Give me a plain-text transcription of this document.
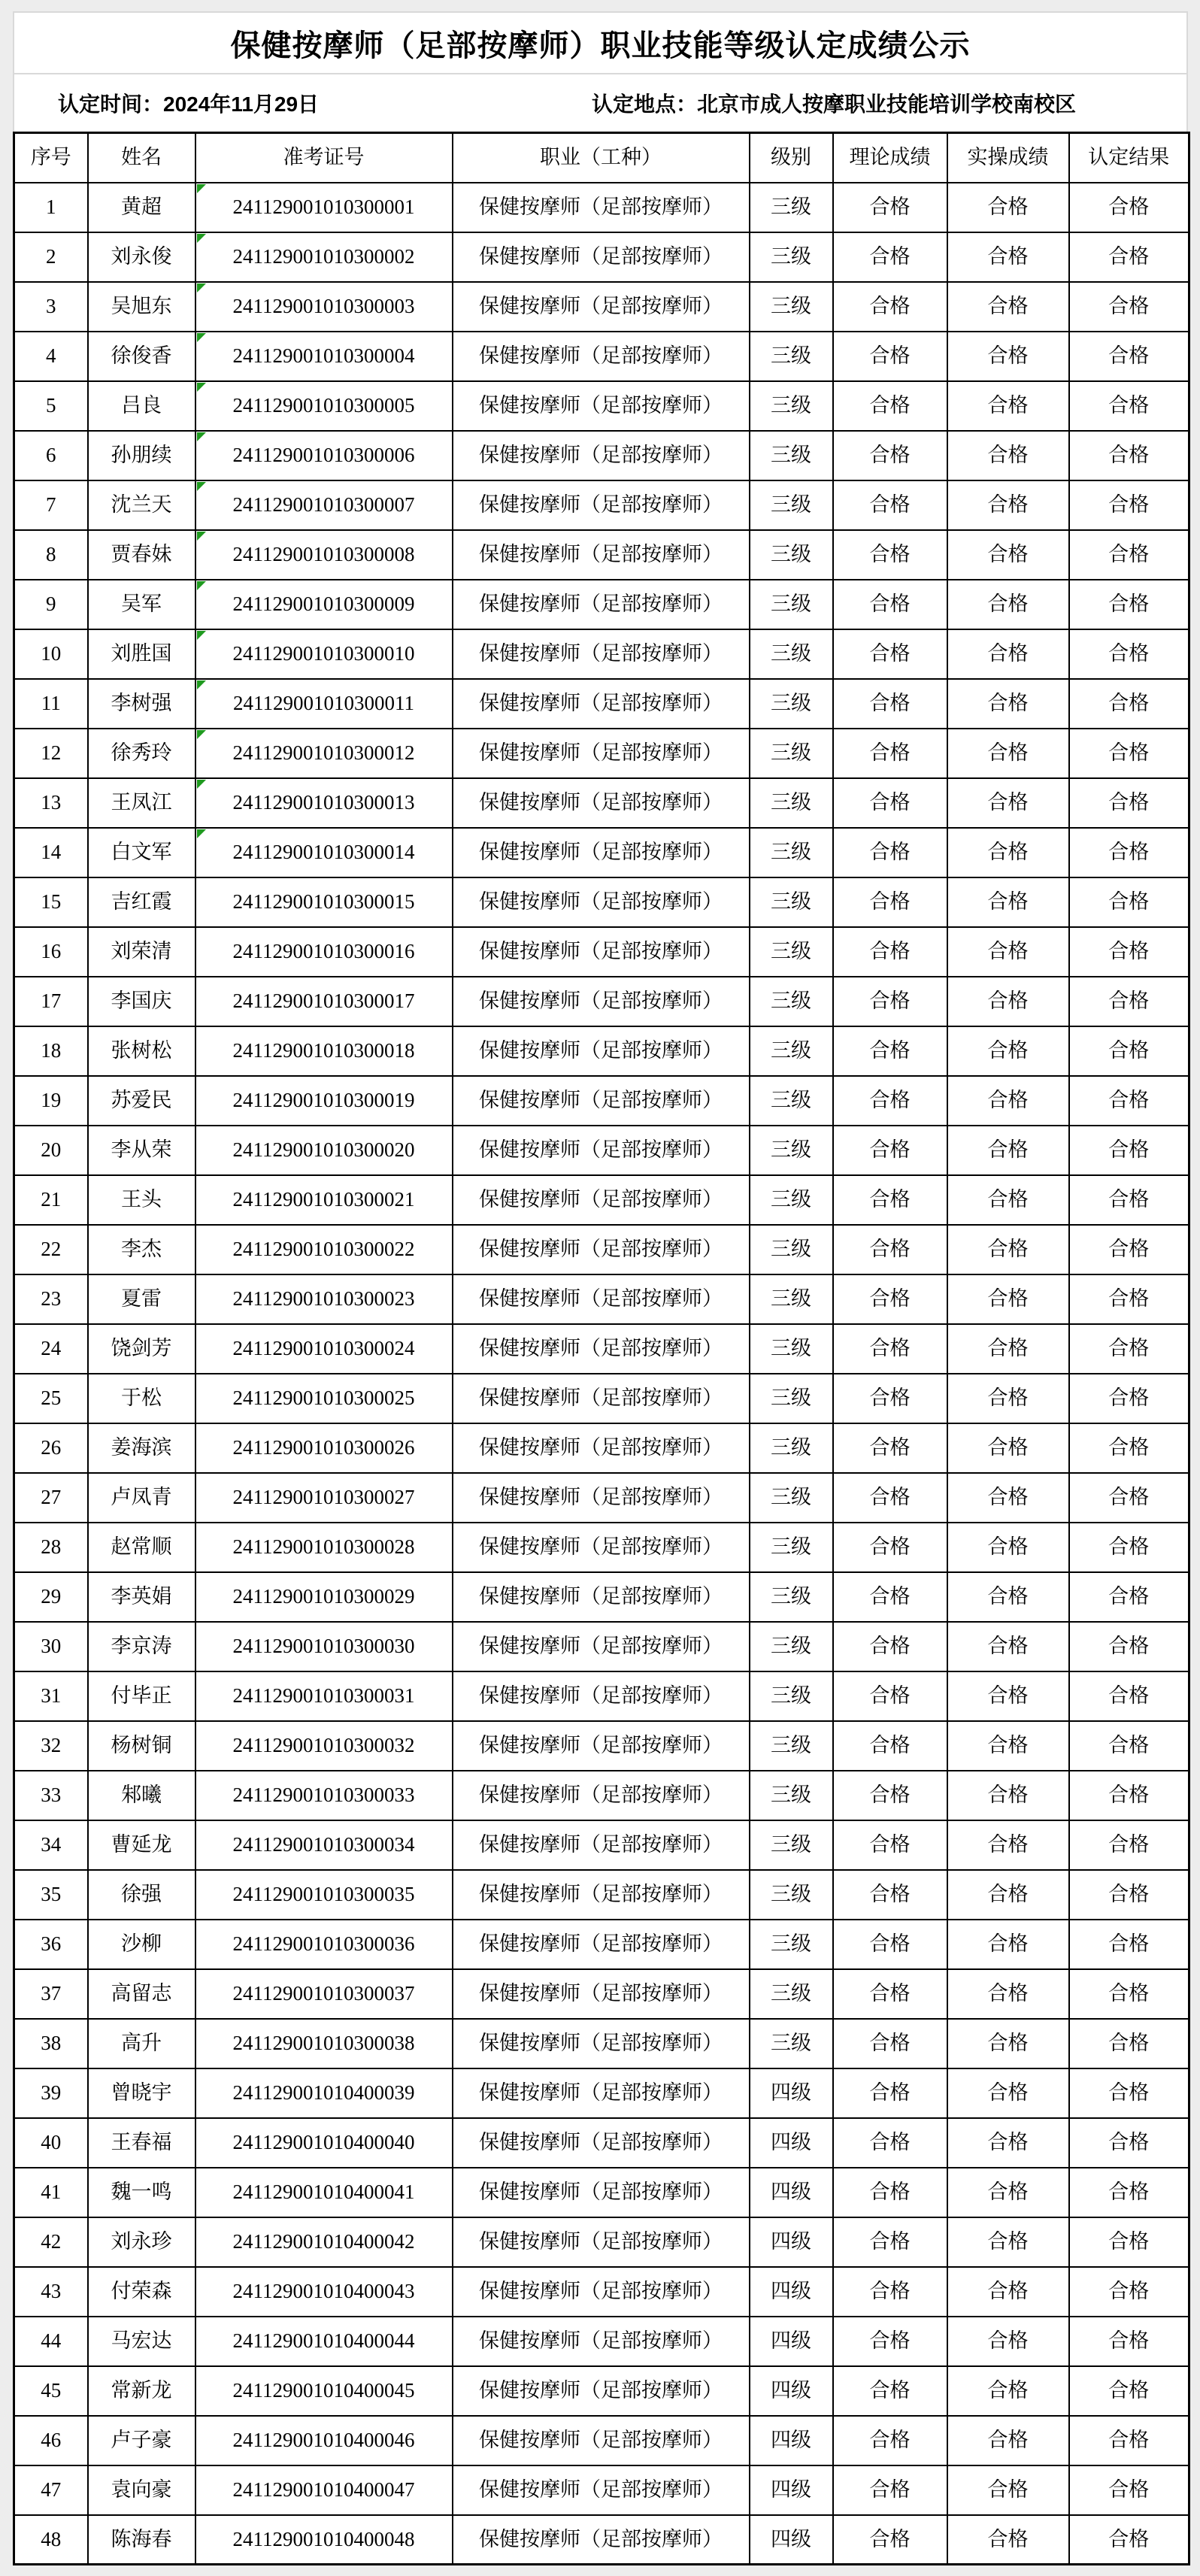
保健按摩师（足部按摩师）职业技能等级认定成绩公示
认定时间：2024年11月29日	认定地点：北京市成人按摩职业技能培训学校南校区
序号	姓名	准考证号	职业（工种）	级别	理论成绩	实操成绩	认定结果
1	黄超	241129001010300001	保健按摩师（足部按摩师）	三级	合格	合格	合格
2	刘永俊	241129001010300002	保健按摩师（足部按摩师）	三级	合格	合格	合格
3	吴旭东	241129001010300003	保健按摩师（足部按摩师）	三级	合格	合格	合格
4	徐俊香	241129001010300004	保健按摩师（足部按摩师）	三级	合格	合格	合格
5	吕良	241129001010300005	保健按摩师（足部按摩师）	三级	合格	合格	合格
6	孙朋续	241129001010300006	保健按摩师（足部按摩师）	三级	合格	合格	合格
7	沈兰天	241129001010300007	保健按摩师（足部按摩师）	三级	合格	合格	合格
8	贾春妹	241129001010300008	保健按摩师（足部按摩师）	三级	合格	合格	合格
9	吴军	241129001010300009	保健按摩师（足部按摩师）	三级	合格	合格	合格
10	刘胜国	241129001010300010	保健按摩师（足部按摩师）	三级	合格	合格	合格
11	李树强	241129001010300011	保健按摩师（足部按摩师）	三级	合格	合格	合格
12	徐秀玲	241129001010300012	保健按摩师（足部按摩师）	三级	合格	合格	合格
13	王凤江	241129001010300013	保健按摩师（足部按摩师）	三级	合格	合格	合格
14	白文军	241129001010300014	保健按摩师（足部按摩师）	三级	合格	合格	合格
15	吉红霞	241129001010300015	保健按摩师（足部按摩师）	三级	合格	合格	合格
16	刘荣清	241129001010300016	保健按摩师（足部按摩师）	三级	合格	合格	合格
17	李国庆	241129001010300017	保健按摩师（足部按摩师）	三级	合格	合格	合格
18	张树松	241129001010300018	保健按摩师（足部按摩师）	三级	合格	合格	合格
19	苏爱民	241129001010300019	保健按摩师（足部按摩师）	三级	合格	合格	合格
20	李从荣	241129001010300020	保健按摩师（足部按摩师）	三级	合格	合格	合格
21	王头	241129001010300021	保健按摩师（足部按摩师）	三级	合格	合格	合格
22	李杰	241129001010300022	保健按摩师（足部按摩师）	三级	合格	合格	合格
23	夏雷	241129001010300023	保健按摩师（足部按摩师）	三级	合格	合格	合格
24	饶剑芳	241129001010300024	保健按摩师（足部按摩师）	三级	合格	合格	合格
25	于松	241129001010300025	保健按摩师（足部按摩师）	三级	合格	合格	合格
26	姜海滨	241129001010300026	保健按摩师（足部按摩师）	三级	合格	合格	合格
27	卢凤青	241129001010300027	保健按摩师（足部按摩师）	三级	合格	合格	合格
28	赵常顺	241129001010300028	保健按摩师（足部按摩师）	三级	合格	合格	合格
29	李英娟	241129001010300029	保健按摩师（足部按摩师）	三级	合格	合格	合格
30	李京涛	241129001010300030	保健按摩师（足部按摩师）	三级	合格	合格	合格
31	付毕正	241129001010300031	保健按摩师（足部按摩师）	三级	合格	合格	合格
32	杨树铜	241129001010300032	保健按摩师（足部按摩师）	三级	合格	合格	合格
33	邾曦	241129001010300033	保健按摩师（足部按摩师）	三级	合格	合格	合格
34	曹延龙	241129001010300034	保健按摩师（足部按摩师）	三级	合格	合格	合格
35	徐强	241129001010300035	保健按摩师（足部按摩师）	三级	合格	合格	合格
36	沙柳	241129001010300036	保健按摩师（足部按摩师）	三级	合格	合格	合格
37	高留志	241129001010300037	保健按摩师（足部按摩师）	三级	合格	合格	合格
38	高升	241129001010300038	保健按摩师（足部按摩师）	三级	合格	合格	合格
39	曾晓宇	241129001010400039	保健按摩师（足部按摩师）	四级	合格	合格	合格
40	王春福	241129001010400040	保健按摩师（足部按摩师）	四级	合格	合格	合格
41	魏一鸣	241129001010400041	保健按摩师（足部按摩师）	四级	合格	合格	合格
42	刘永珍	241129001010400042	保健按摩师（足部按摩师）	四级	合格	合格	合格
43	付荣森	241129001010400043	保健按摩师（足部按摩师）	四级	合格	合格	合格
44	马宏达	241129001010400044	保健按摩师（足部按摩师）	四级	合格	合格	合格
45	常新龙	241129001010400045	保健按摩师（足部按摩师）	四级	合格	合格	合格
46	卢子豪	241129001010400046	保健按摩师（足部按摩师）	四级	合格	合格	合格
47	袁向豪	241129001010400047	保健按摩师（足部按摩师）	四级	合格	合格	合格
48	陈海春	241129001010400048	保健按摩师（足部按摩师）	四级	合格	合格	合格
